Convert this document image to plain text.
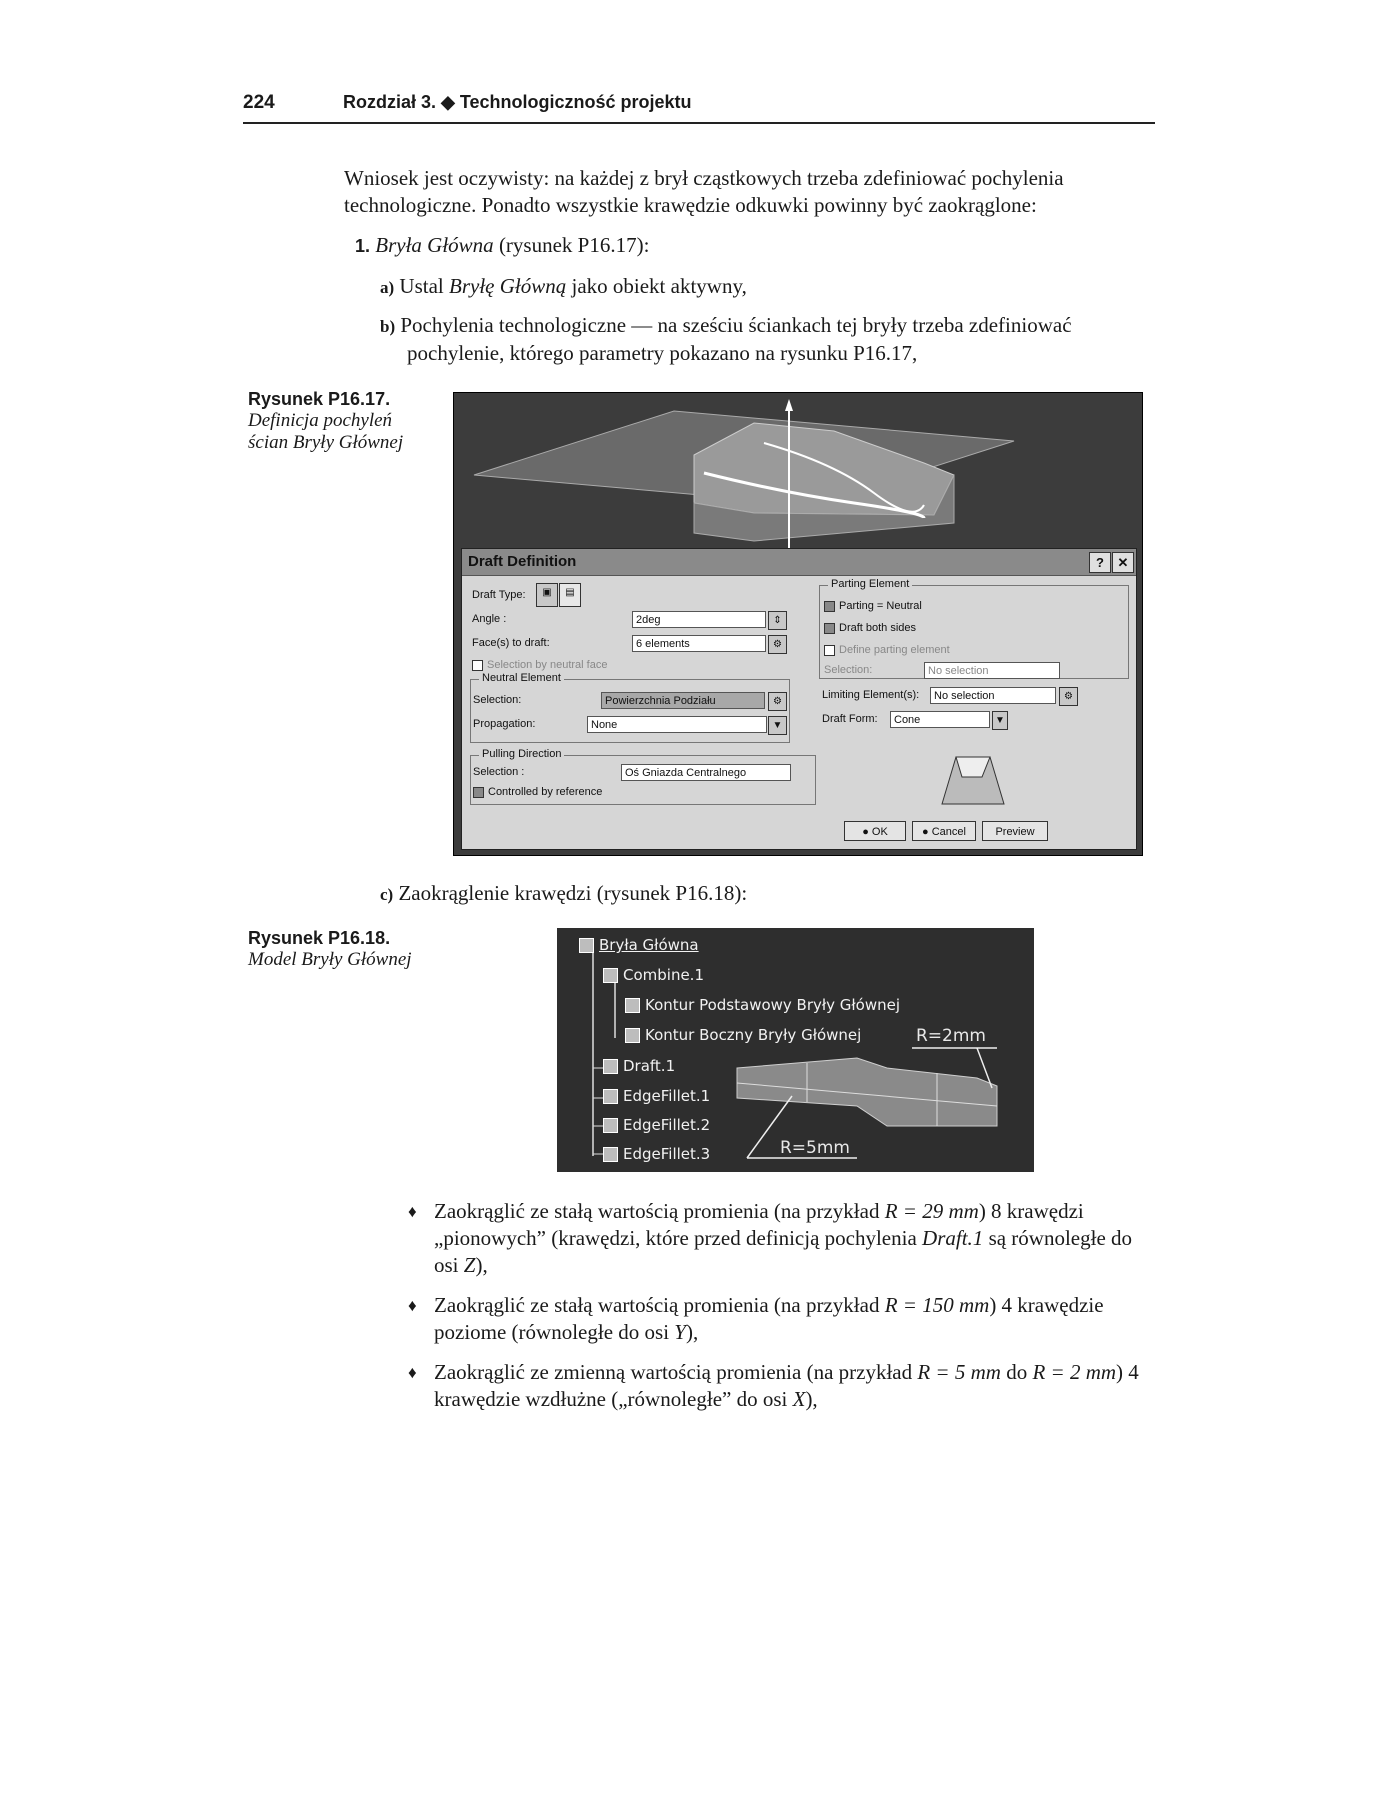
224	Rozdział 3. ◆ Technologiczność projektu
Wniosek jest oczywisty: na każdej z brył cząstkowych trzeba zdefiniować pochylenia technologiczne. Ponadto wszystkie krawędzie odkuwki powinny być zaokrąglone:
1. Bryła Główna (rysunek P16.17):
a) Ustal Bryłę Główną jako obiekt aktywny,
b) Pochylenia technologiczne — na sześciu ściankach tej bryły trzeba zdefiniować pochylenie, którego parametry pokazano na rysunku P16.17,
Rysunek P16.17.
Definicja pochyleń ścian Bryły Głównej
Draft Definition	?	✕
Draft Type:	▣	▤
Angle :	2deg	⇕
Face(s) to draft:	6 elements	⚙
Selection by neutral face
Neutral Element
Selection:	Powierzchnia Podziału	⚙
Propagation:	None	▼
Pulling Direction
Selection :	Oś Gniazda Centralnego
Controlled by reference
Parting Element
Parting = Neutral
Draft both sides
Define parting element
Selection:	No selection
Limiting Element(s):	No selection	⚙
Draft Form:	Cone	▼
● OK	● Cancel	Preview
c) Zaokrąglenie krawędzi (rysunek P16.18):
Rysunek P16.18.
Model Bryły Głównej
Bryła Główna
Combine.1
Kontur Podstawowy Bryły Głównej
Kontur Boczny Bryły Głównej
Draft.1
EdgeFillet.1
EdgeFillet.2
EdgeFillet.3
R=2mm
R=5mm
♦ Zaokrąglić ze stałą wartością promienia (na przykład R = 29 mm) 8 krawędzi „pionowych” (krawędzi, które przed definicją pochylenia Draft.1 są równoległe do osi Z),
♦ Zaokrąglić ze stałą wartością promienia (na przykład R = 150 mm) 4 krawędzie poziome (równoległe do osi Y),
♦ Zaokrąglić ze zmienną wartością promienia (na przykład R = 5 mm do R = 2 mm) 4 krawędzie wzdłużne („równoległe” do osi X),
